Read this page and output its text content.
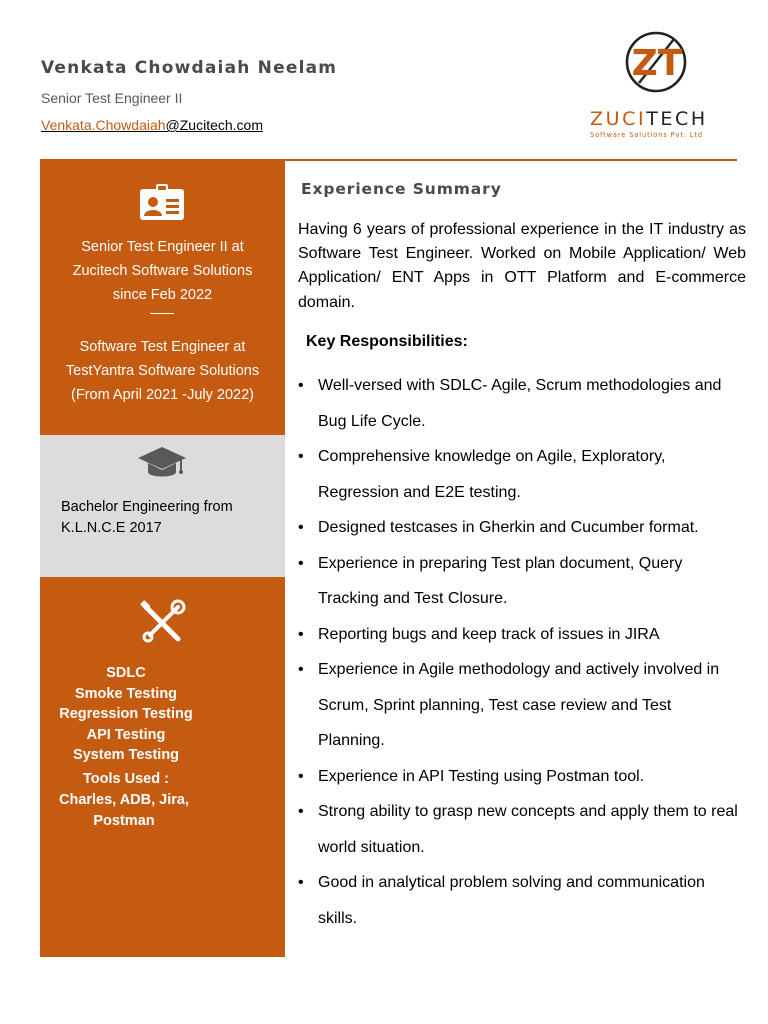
Venkata Chowdaiah Neelam
Senior Test Engineer II
Venkata.Chowdaiah@Zucitech.com
ZT
ZUCITECH
Software Solutions Pvt. Ltd
Senior Test Engineer II at Zucitech Software Solutions since Feb 2022
Software Test Engineer at TestYantra Software Solutions (From April 2021 -July 2022)
Bachelor Engineering from
K.L.N.C.E 2017
SDLC
Smoke Testing
Regression Testing
API Testing
System Testing
Tools Used :
Charles, ADB, Jira,
Postman
Experience Summary

Having 6 years of professional experience in the IT industry as Software Test Engineer. Worked on Mobile Application/ Web Application/ ENT Apps in OTT Platform and E-commerce domain.

Key Responsibilities:
• Well-versed with SDLC- Agile, Scrum methodologies and Bug Life Cycle.
• Comprehensive knowledge on Agile, Exploratory, Regression and E2E testing.
• Designed testcases in Gherkin and Cucumber format.
• Experience in preparing Test plan document, Query Tracking and Test Closure.
• Reporting bugs and keep track of issues in JIRA
• Experience in Agile methodology and actively involved in Scrum, Sprint planning, Test case review and Test Planning.
• Experience in API Testing using Postman tool.
• Strong ability to grasp new concepts and apply them to real world situation.
• Good in analytical problem solving and communication skills.
